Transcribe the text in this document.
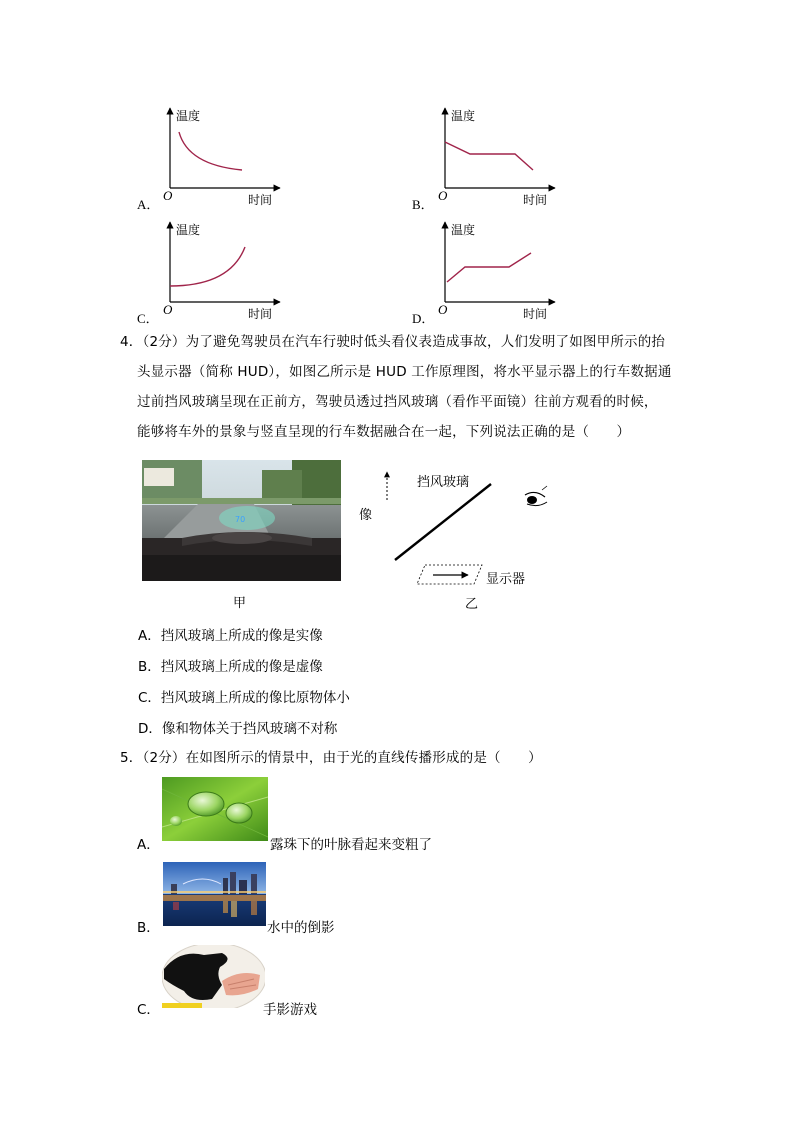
温度
时间
O
A．
温度
时间
O
B．
温度
时间
O
C．
温度
时间
O
D．
4．（2分）为了避免驾驶员在汽车行驶时低头看仪表造成事故，人们发明了如图甲所示的抬
头显示器（简称 HUD），如图乙所示是 HUD 工作原理图，将水平显示器上的行车数据通
过前挡风玻璃呈现在正前方，驾驶员透过挡风玻璃（看作平面镜）往前方观看的时候，
能够将车外的景象与竖直呈现的行车数据融合在一起，下列说法正确的是（　　）
70
甲
挡风玻璃
像
显示器
乙
A．挡风玻璃上所成的像是实像
B．挡风玻璃上所成的像是虚像
C．挡风玻璃上所成的像比原物体小
D．像和物体关于挡风玻璃不对称
5．（2分）在如图所示的情景中，由于光的直线传播形成的是（　　）
A．	露珠下的叶脉看起来变粗了
B．	水中的倒影
C．	手影游戏
